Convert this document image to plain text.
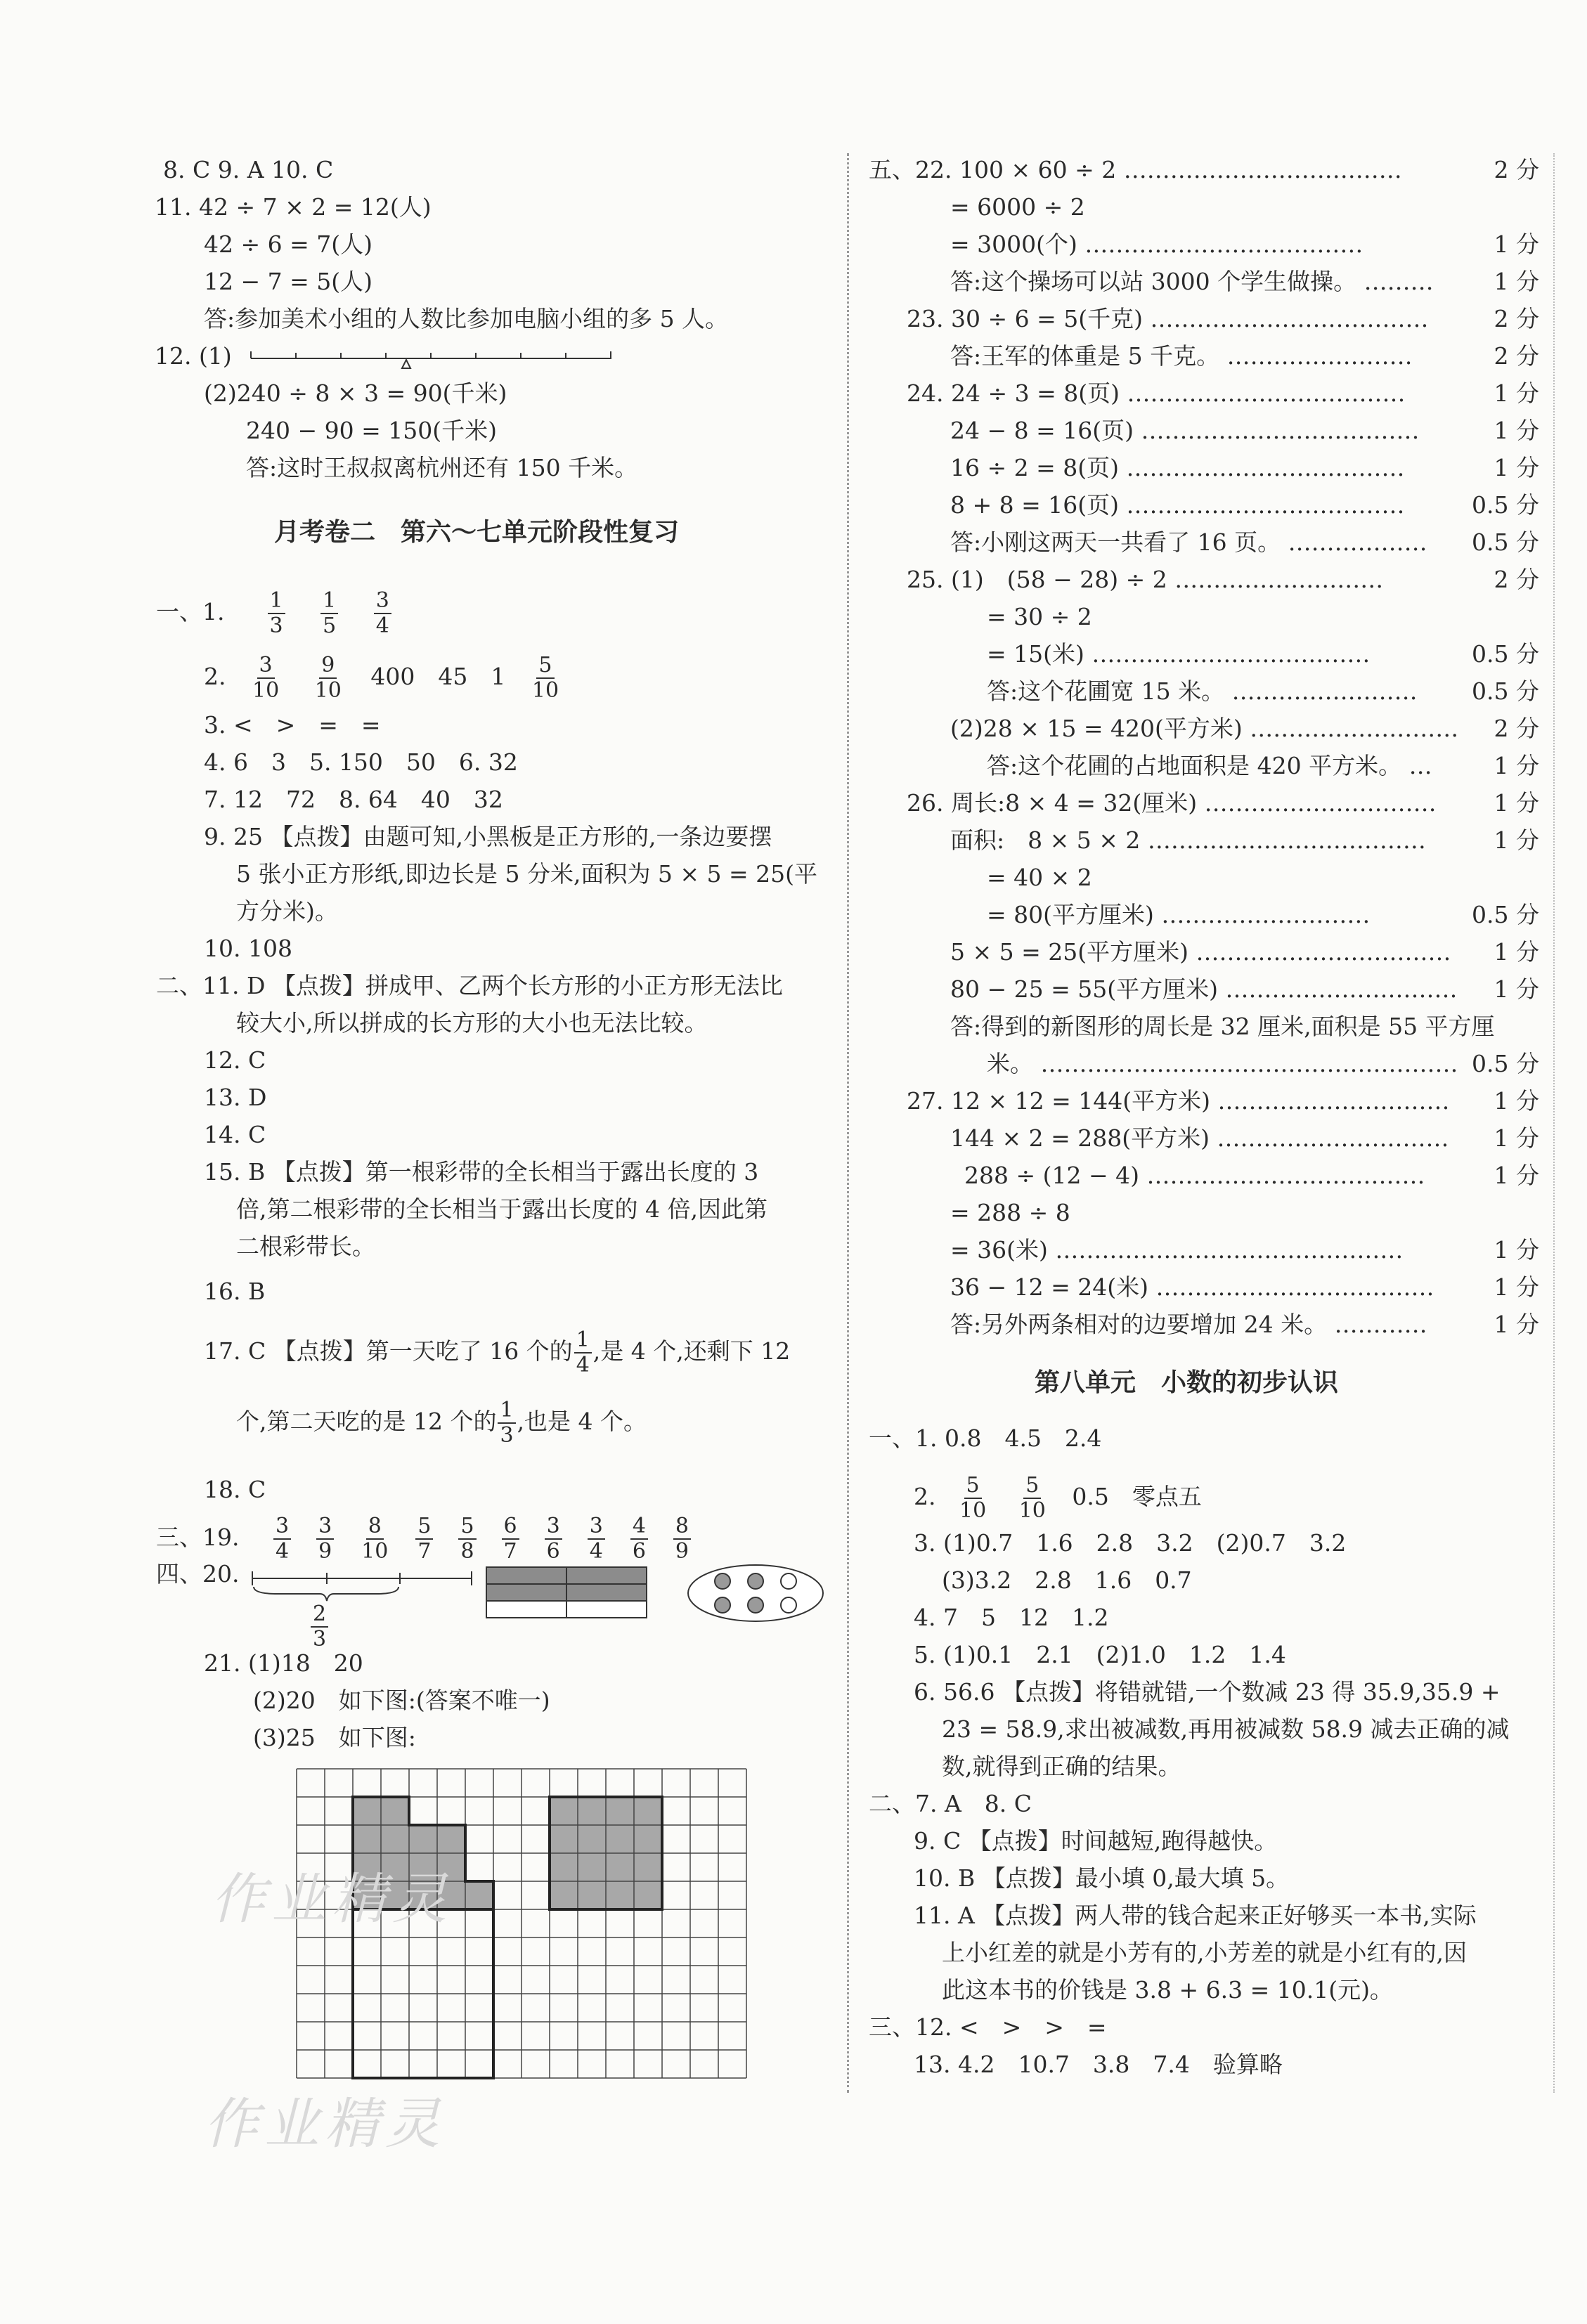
8. C 9. A 10. C
11. 42 ÷ 7 × 2 = 12(人)
42 ÷ 6 = 7(人)
12 − 7 = 5(人)
答:参加美术小组的人数比参加电脑小组的多 5 人。
12. (1)
(2)240 ÷ 8 × 3 = 90(千米)
240 − 90 = 150(千米)
答:这时王叔叔离杭州还有 150 千米。
月考卷二　第六～七单元阶段性复习
一、1. $\frac{1}{3}$
$\frac{1}{5}$
$\frac{3}{4}$
2. $\frac{3}{10}$
$\frac{9}{10} 400$　45　$1 \frac{5}{10}$
3. <　>　=　=
4. 6　3　5. 150　50　6. 32
7. 12　72　8. 64　40　32
9. 25 【点拨】由题可知,小黑板是正方形的,一条边要摆
5 张小正方形纸,即边长是 5 分米,面积为 5 × 5 = 25(平
方分米)。
10. 108
二、11. D 【点拨】拼成甲、乙两个长方形的小正方形无法比
较大小,所以拼成的长方形的大小也无法比较。
12. C
13. D
14. C
15. B 【点拨】第一根彩带的全长相当于露出长度的 3
倍,第二根彩带的全长相当于露出长度的 4 倍,因此第
二根彩带长。
16. B
17. C 【点拨】第一天吃了 16 个的 $\frac{1}{4}$ ,是 4 个,还剩下 12
个,第二天吃的是 12 个的 $\frac{1}{3}$ ,也是 4 个。
18. C
三、19. $\frac{3}{4} \frac{3}{9} \frac{8}{10} \frac{5}{7} \frac{5}{8} \frac{6}{7} \frac{3}{6} \frac{3}{4} \frac{4}{6} \frac{8}{9}$
四、20.
$\frac{2}{3}$
21. (1)18　20
(2)20　如下图:(答案不唯一)
(3)25　如下图:
作业精灵
作业精灵
五、22. 100 × 60 ÷ 2 ………………………………	2 分
= 6000 ÷ 2
= 3000(个) ………………………………	1 分
答:这个操场可以站 3000 个学生做操。 ………	1 分
23. 30 ÷ 6 = 5(千克) ………………………………	2 分
答:王军的体重是 5 千克。 ……………………	2 分
24. 24 ÷ 3 = 8(页) ………………………………	1 分
24 − 8 = 16(页) ………………………………	1 分
16 ÷ 2 = 8(页) ………………………………	1 分
8 + 8 = 16(页) ………………………………	0.5 分
答:小刚这两天一共看了 16 页。 ……………… 0.5 分
25. (1)　(58 − 28) ÷ 2 ………………………	2 分
= 30 ÷ 2
= 15(米) ………………………………	0.5 分
答:这个花圃宽 15 米。 …………………… 0.5 分
(2)28 × 15 = 420(平方米) ……………………… 2 分
答:这个花圃的占地面积是 420 平方米。 …	1 分
26. 周长:8 × 4 = 32(厘米) ………………………… 1 分
面积:　8 × 5 × 2 ………………………………	1 分
= 40 × 2
= 80(平方厘米) ………………………	0.5 分
5 × 5 = 25(平方厘米) …………………………… 1 分
80 − 25 = 55(平方厘米) ………………………… 1 分
答:得到的新图形的周长是 32 厘米,面积是 55 平方厘
米。 ……………………………………………… 0.5 分
27. 12 × 12 = 144(平方米) ………………………… 1 分
144 × 2 = 288(平方米) ………………………… 1 分
288 ÷ (12 − 4) ………………………………	1 分
= 288 ÷ 8
= 36(米) ………………………………………	1 分
36 − 12 = 24(米) ………………………………	1 分
答:另外两条相对的边要增加 24 米。 …………	1 分
第八单元　小数的初步认识
一、1. 0.8　4.5　2.4
2. $\frac{5}{10}$
$\frac{5}{10} 0.5$　零点五
3. (1)0.7　1.6　2.8　3.2　(2)0.7　3.2
(3)3.2　2.8　1.6　0.7
4. 7　5　12　1.2
5. (1)0.1　2.1　(2)1.0　1.2　1.4
6. 56.6 【点拨】将错就错,一个数减 23 得 35.9,35.9 +
23 = 58.9,求出被减数,再用被减数 58.9 减去正确的减
数,就得到正确的结果。
二、7. A　8. C
9. C 【点拨】时间越短,跑得越快。
10. B 【点拨】最小填 0,最大填 5。
11. A 【点拨】两人带的钱合起来正好够买一本书,实际
上小红差的就是小芳有的,小芳差的就是小红有的,因
此这本书的价钱是 3.8 + 6.3 = 10.1(元)。
三、12. <　>　>　=
13. 4.2　10.7　3.8　7.4　验算略
